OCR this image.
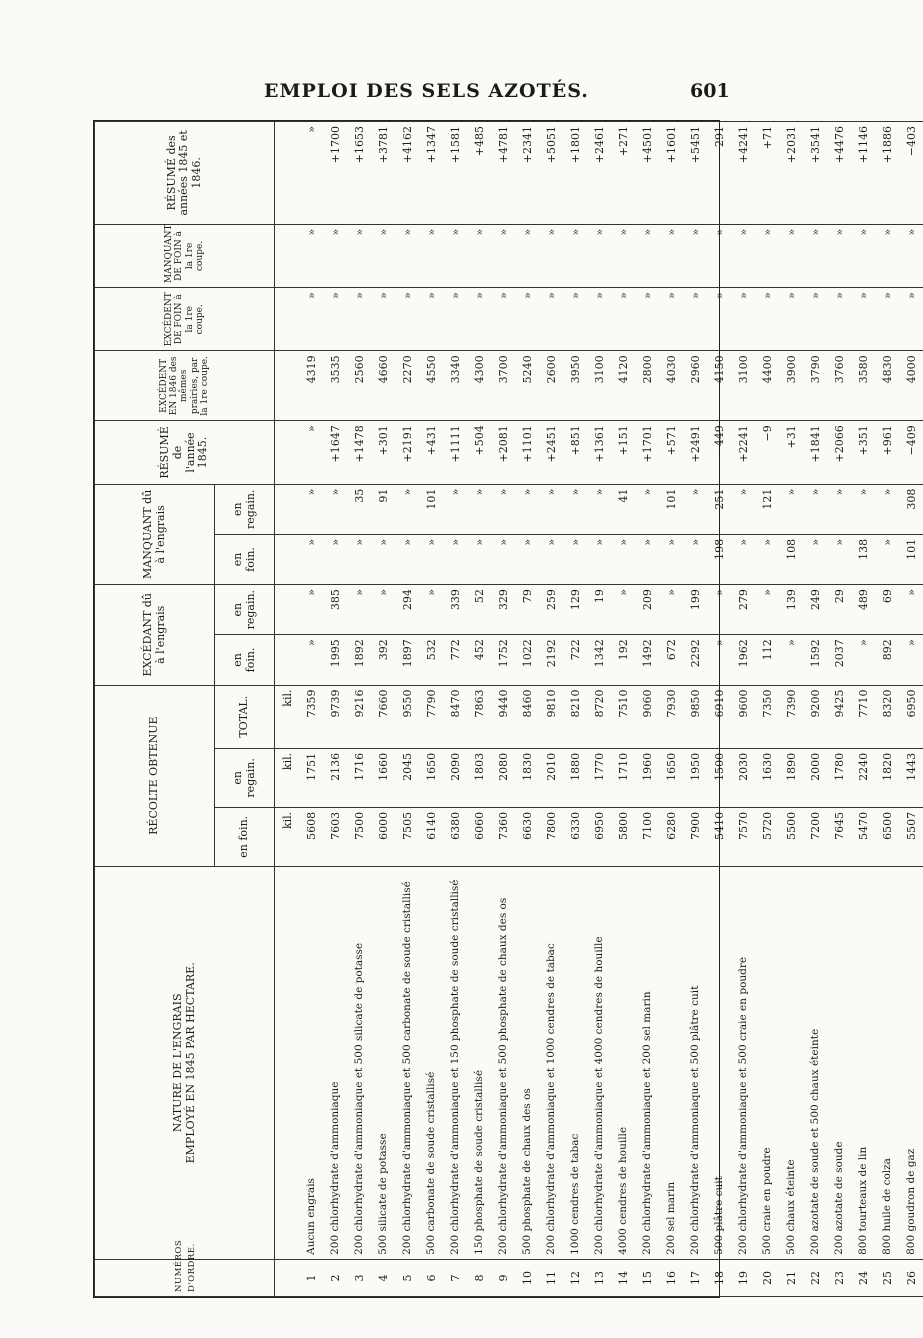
EMPLOI DES SELS AZOTÉS.	601
NUMÉROS D'ORDRE.	NATURE DE L'ENGRAIS EMPLOYÉ EN 1845 PAR HECTARE.	RÉCOLTE OBTENUE			EXCÉDANT dû à l'engrais		MANQUANT dû à l'engrais		RÉSUMÉ de l'année 1845.	EXCÉDENT EN 1846 des mêmes prairies, par la 1re coupe.	EXCÉDENT DE FOIN à la 1re coupe.	MANQUANT DE FOIN à la 1re coupe.	RÉSUMÉ des années 1845 et 1846.
		en foin.	en regain.	TOTAL.	en foin.	en regain.	en foin.	en regain.					
		kil.	kil.	kil.									
1	Aucun engrais	5608	1751	7359	»	»	»	»	»	4319	»	»	»
2	200 chlorhydrate d'ammoniaque	7603	2136	9739	1995	385	»	»	+1647	3535	»	»	+1700
3	200 chlorhydrate d'ammoniaque et 500 silicate de potasse	7500	1716	9216	1892	»	»	35	+1478	2560	»	»	+1653
4	500 silicate de potasse	6000	1660	7660	392	»	»	91	+301	4660	»	»	+3781
5	200 chlorhydrate d'ammoniaque et 500 carbonate de soude cristallisé	7505	2045	9550	1897	294	»	»	+2191	2270	»	»	+4162
6	500 carbonate de soude cristallisé	6140	1650	7790	532	»	»	101	+431	4550	»	»	+1347
7	200 chlorhydrate d'ammoniaque et 150 phosphate de soude cristallisé	6380	2090	8470	772	339	»	»	+1111	3340	»	»	+1581
8	150 phosphate de soude cristallisé	6060	1803	7863	452	52	»	»	+504	4300	»	»	+485
9	200 chlorhydrate d'ammoniaque et 500 phosphate de chaux des os	7360	2080	9440	1752	329	»	»	+2081	3700	»	»	+4781
10	500 phosphate de chaux des os	6630	1830	8460	1022	79	»	»	+1101	5240	»	»	+2341
11	200 chlorhydrate d'ammoniaque et 1000 cendres de tabac	7800	2010	9810	2192	259	»	»	+2451	2600	»	»	+5051
12	1000 cendres de tabac	6330	1880	8210	722	129	»	»	+851	3950	»	»	+1801
13	200 chlorhydrate d'ammoniaque et 4000 cendres de houille	6950	1770	8720	1342	19	»	»	+1361	3100	»	»	+2461
14	4000 cendres de houille	5800	1710	7510	192	»	»	41	+151	4120	»	»	+271
15	200 chlorhydrate d'ammoniaque et 200 sel marin	7100	1960	9060	1492	209	»	»	+1701	2800	»	»	+4501
16	200 sel marin	6280	1650	7930	672	»	»	101	+571	4030	»	»	+1601
17	200 chlorhydrate d'ammoniaque et 500 plâtre cuit	7900	1950	9850	2292	199	»	»	+2491	2960	»	»	+5451
18	500 plâtre cuit	5410	1500	6910	»	»	198	251	−449	4150	»	»	−291
19	200 chlorhydrate d'ammoniaque et 500 craie en poudre	7570	2030	9600	1962	279	»	»	+2241	3100	»	»	+4241
20	500 craie en poudre	5720	1630	7350	112	»	»	121	−9	4400	»	»	+71
21	500 chaux éteinte	5500	1890	7390	»	139	108	»	+31	3900	»	»	+2031
22	200 azotate de soude et 500 chaux éteinte	7200	2000	9200	1592	249	»	»	+1841	3790	»	»	+3541
23	200 azotate de soude	7645	1780	9425	2037	29	»	»	+2066	3760	»	»	+4476
24	800 tourteaux de lin	5470	2240	7710	»	489	138	»	+351	3580	»	»	+1146
25	800 huile de colza	6500	1820	8320	892	69	»	»	+961	4830	»	»	+1886
26	800 goudron de gaz	5507	1443	6950	»	»	101	308	−409	4000	»	»	−403
